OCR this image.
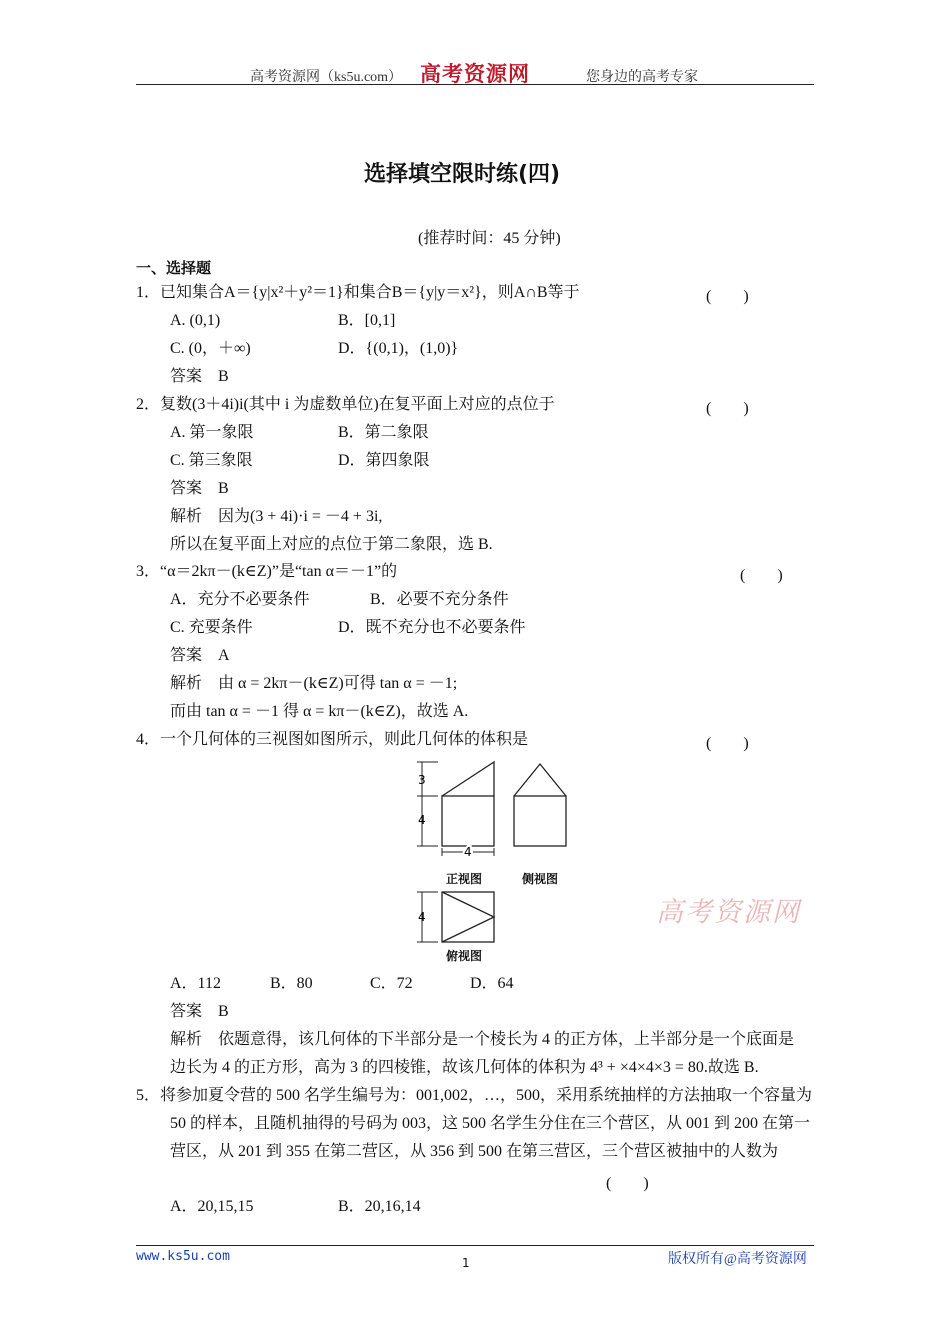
高考资源网（ks5u.com） 高考资源网	您身边的高考专家
选择填空限时练(四)
(推荐时间：45 分钟)
一、选择题
1．已知集合A＝{y|x²＋y²＝1}和集合B＝{y|y＝x²}，则A∩B等于	(　　)
A. (0,1)	B．[0,1]
C. (0，＋∞)	D．{(0,1)，(1,0)}
答案　B
2．复数(3＋4i)i(其中 i 为虚数单位)在复平面上对应的点位于	(　　)
A. 第一象限	B．第二象限
C. 第三象限	D．第四象限
答案　B
解析　因为(3 + 4i)·i = －4 + 3i,
所以在复平面上对应的点位于第二象限，选 B.
3．“α＝2kπ－(k∈Z)”是“tan α＝－1”的	(　　)
A．充分不必要条件	B．必要不充分条件
C. 充要条件	D．既不充分也不必要条件
答案　A
解析　由 α = 2kπ－(k∈Z)可得 tan α = －1;
而由 tan α = －1 得 α = kπ－(k∈Z)，故选 A.
4．一个几何体的三视图如图所示，则此几何体的体积是	(　　)
3
4
4
4
正视图	侧视图
俯视图
高考资源网
A．112	B．80	C．72	D．64
答案　B
解析　依题意得，该几何体的下半部分是一个棱长为 4 的正方体，上半部分是一个底面是
边长为 4 的正方形，高为 3 的四棱锥，故该几何体的体积为 4³ + ×4×4×3 = 80.故选 B.
5．将参加夏令营的 500 名学生编号为：001,002，…，500，采用系统抽样的方法抽取一个容量为
50 的样本，且随机抽得的号码为 003，这 500 名学生分住在三个营区，从 001 到 200 在第一
营区，从 201 到 355 在第二营区，从 356 到 500 在第三营区，三个营区被抽中的人数为
(　　)
A．20,15,15	B．20,16,14
www.ks5u.com	1	版权所有@高考资源网
